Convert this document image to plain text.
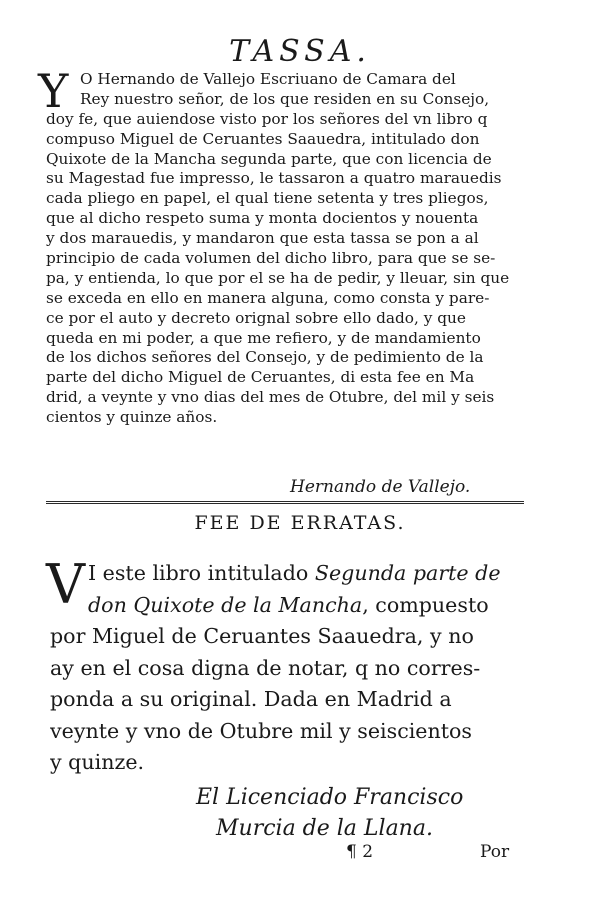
TASSA.
Y O Hernando de Vallejo Escriuano de Camara del
Rey nuestro señor, de los que residen en su Consejo,
doy fe, que auiendose visto por los señores del vn libro q
compuso Miguel de Ceruantes Saauedra, intitulado don
Quixote de la Mancha segunda parte, que con licencia de
su Magestad fue impresso, le tassaron a quatro marauedis
cada pliego en papel, el qual tiene setenta y tres pliegos,
que al dicho respeto suma y monta docientos y nouenta
y dos marauedis, y mandaron que esta tassa se pon a al
principio de cada volumen del dicho libro, para que se se-
pa, y entienda, lo que por el se ha de pedir, y lleuar, sin que
se exceda en ello en manera alguna, como consta y pare-
ce por el auto y decreto orignal sobre ello dado, y que
queda en mi poder, a que me refiero, y de mandamiento
de los dichos señores del Consejo, y de pedimiento de la
parte del dicho Miguel de Ceruantes, di esta fee en Ma
drid, a veynte y vno dias del mes de Otubre, del mil y seis
cientos y quinze años.
Hernando de Vallejo.
FEE DE ERRATAS.
V I este libro intitulado Segunda parte de
don Quixote de la Mancha, compuesto
por Miguel de Ceruantes Saauedra, y no
ay en el cosa digna de notar, q no corres-
ponda a su original. Dada en Madrid a
veynte y vno de Otubre mil y seiscientos
y quinze.
El Licenciado Francisco
Murcia de la Llana.
¶ 2	Por
